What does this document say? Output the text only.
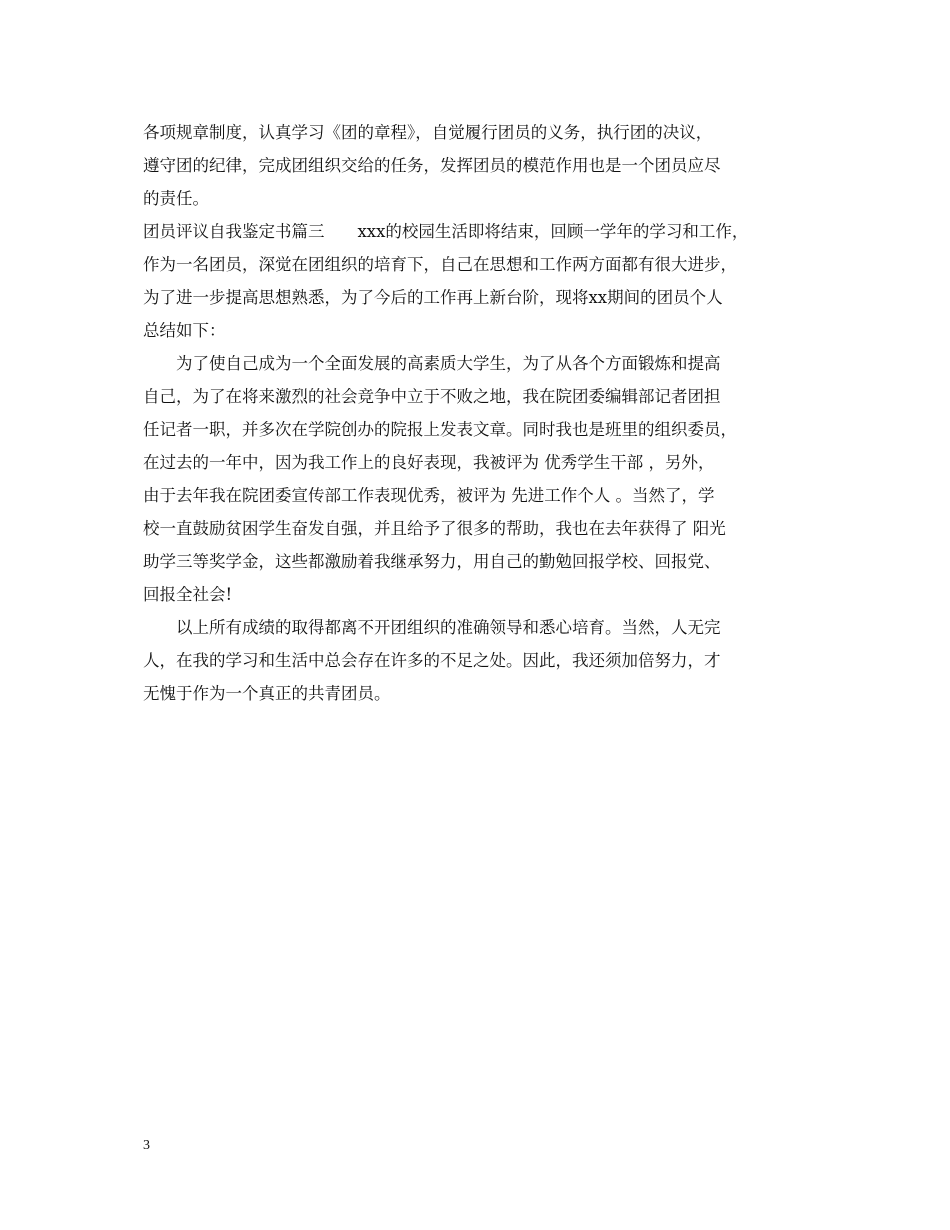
各项规章制度，认真学习《团的章程》，自觉履行团员的义务，执行团的决议，
遵守团的纪律，完成团组织交给的任务，发挥团员的模范作用也是一个团员应尽
的责任。
团员评议自我鉴定书篇三　　xxx的校园生活即将结束，回顾一学年的学习和工作，
作为一名团员，深觉在团组织的培育下，自己在思想和工作两方面都有很大进步，
为了进一步提高思想熟悉，为了今后的工作再上新台阶，现将xx期间的团员个人
总结如下：
为了使自己成为一个全面发展的高素质大学生，为了从各个方面锻炼和提高
自己，为了在将来激烈的社会竞争中立于不败之地，我在院团委编辑部记者团担
任记者一职，并多次在学院创办的院报上发表文章。同时我也是班里的组织委员，
在过去的一年中，因为我工作上的良好表现，我被评为 优秀学生干部 ，另外，
由于去年我在院团委宣传部工作表现优秀，被评为 先进工作个人 。当然了，学
校一直鼓励贫困学生奋发自强，并且给予了很多的帮助，我也在去年获得了 阳光
助学三等奖学金，这些都激励着我继承努力，用自己的勤勉回报学校、回报党、
回报全社会!
以上所有成绩的取得都离不开团组织的准确领导和悉心培育。当然，人无完
人，在我的学习和生活中总会存在许多的不足之处。因此，我还须加倍努力，才
无愧于作为一个真正的共青团员。
3
